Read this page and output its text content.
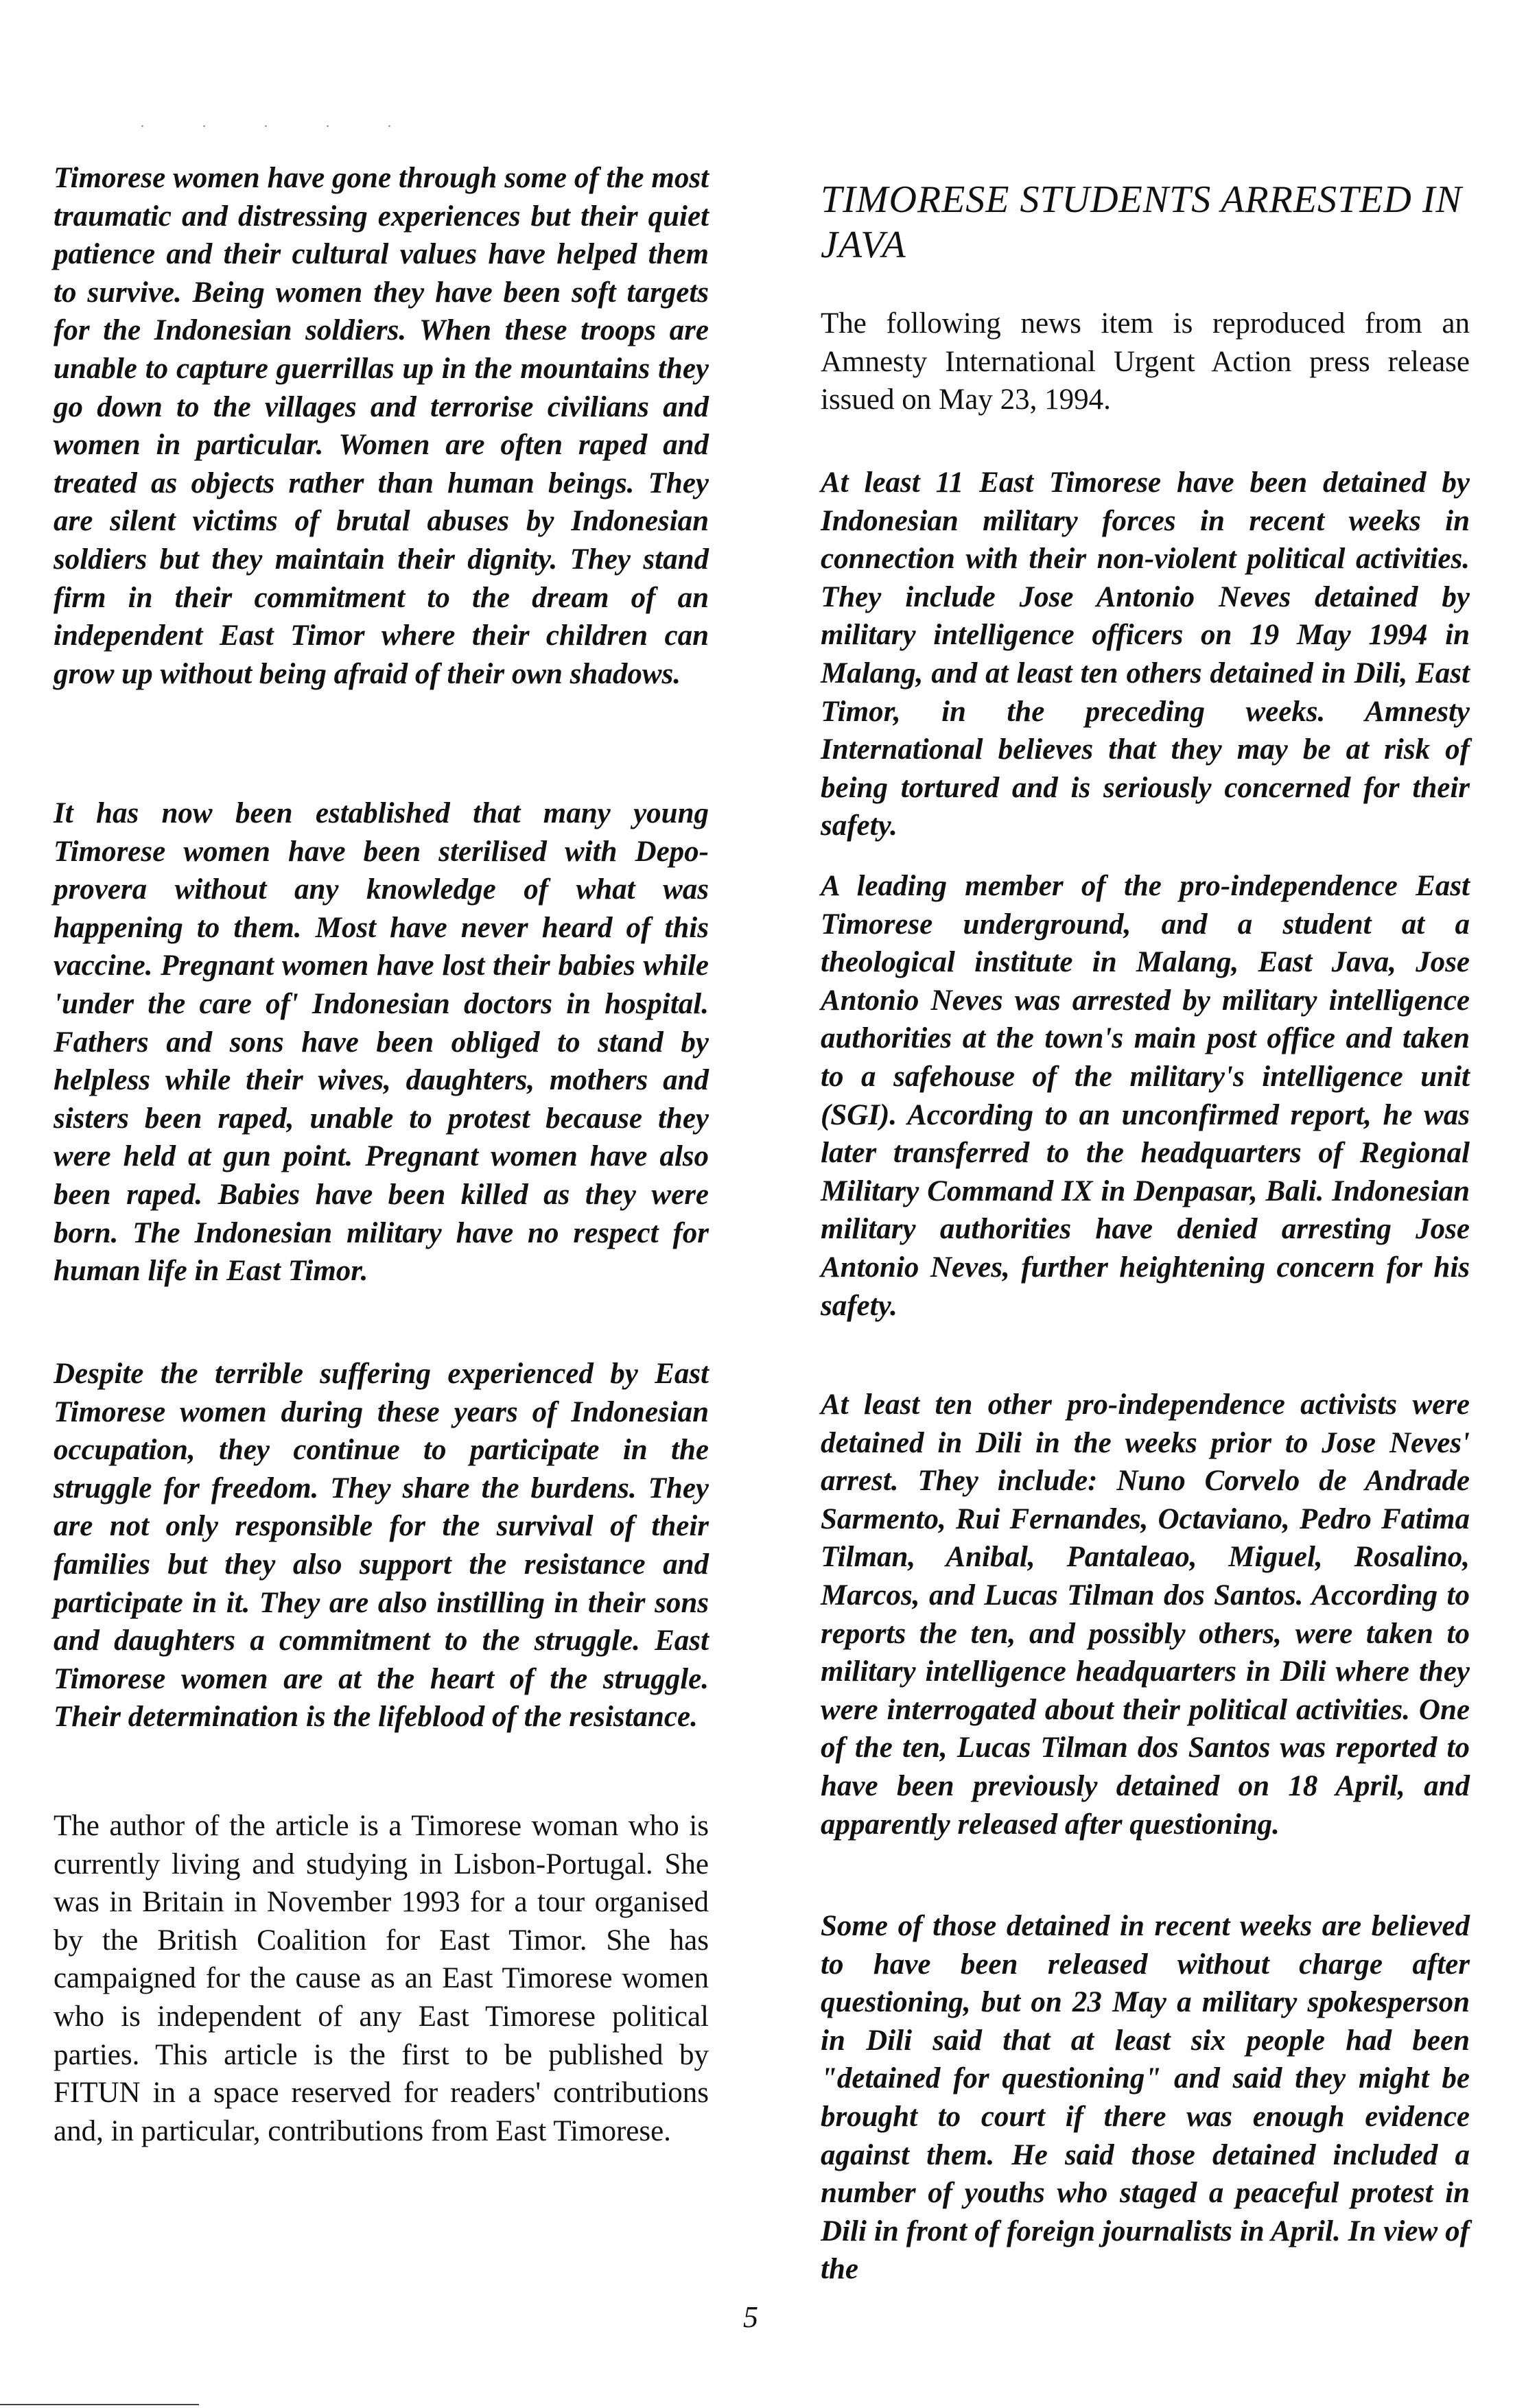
. . . . .

Timorese women have gone through some of the most traumatic and distressing experiences but their quiet patience and their cultural values have helped them to survive. Being women they have been soft targets for the Indonesian soldiers. When these troops are unable to capture guerrillas up in the mountains they go down to the villages and terrorise civilians and women in particular. Women are often raped and treated as objects rather than human beings. They are silent victims of brutal abuses by Indonesian soldiers but they maintain their dignity. They stand firm in their commitment to the dream of an independent East Timor where their children can grow up without being afraid of their own shadows.

It has now been established that many young Timorese women have been sterilised with Depo-provera without any knowledge of what was happening to them. Most have never heard of this vaccine. Pregnant women have lost their babies while 'under the care of' Indonesian doctors in hospital. Fathers and sons have been obliged to stand by helpless while their wives, daughters, mothers and sisters been raped, unable to protest because they were held at gun point. Pregnant women have also been raped. Babies have been killed as they were born. The Indonesian military have no respect for human life in East Timor.

Despite the terrible suffering experienced by East Timorese women during these years of Indonesian occupation, they continue to participate in the struggle for freedom. They share the burdens. They are not only responsible for the survival of their families but they also support the resistance and participate in it. They are also instilling in their sons and daughters a commitment to the struggle. East Timorese women are at the heart of the struggle. Their determination is the lifeblood of the resistance.

The author of the article is a Timorese woman who is currently living and studying in Lisbon-Portugal. She was in Britain in November 1993 for a tour organised by the British Coalition for East Timor. She has campaigned for the cause as an East Timorese women who is independent of any East Timorese political parties. This article is the first to be published by FITUN in a space reserved for readers' contributions and, in particular, contributions from East Timorese.

TIMORESE STUDENTS ARRESTED IN JAVA

The following news item is reproduced from an Amnesty International Urgent Action press release issued on May 23, 1994.

At least 11 East Timorese have been detained by Indonesian military forces in recent weeks in connection with their non-violent political activities. They include Jose Antonio Neves detained by military intelligence officers on 19 May 1994 in Malang, and at least ten others detained in Dili, East Timor, in the preceding weeks. Amnesty International believes that they may be at risk of being tortured and is seriously concerned for their safety.

A leading member of the pro-independence East Timorese underground, and a student at a theological institute in Malang, East Java, Jose Antonio Neves was arrested by military intelligence authorities at the town's main post office and taken to a safehouse of the military's intelligence unit (SGI). According to an unconfirmed report, he was later transferred to the headquarters of Regional Military Command IX in Denpasar, Bali. Indonesian military authorities have denied arresting Jose Antonio Neves, further heightening concern for his safety.

At least ten other pro-independence activists were detained in Dili in the weeks prior to Jose Neves' arrest. They include: Nuno Corvelo de Andrade Sarmento, Rui Fernandes, Octaviano, Pedro Fatima Tilman, Anibal, Pantaleao, Miguel, Rosalino, Marcos, and Lucas Tilman dos Santos. According to reports the ten, and possibly others, were taken to military intelligence headquarters in Dili where they were interrogated about their political activities. One of the ten, Lucas Tilman dos Santos was reported to have been previously detained on 18 April, and apparently released after questioning.

Some of those detained in recent weeks are believed to have been released without charge after questioning, but on 23 May a military spokesperson in Dili said that at least six people had been "detained for questioning" and said they might be brought to court if there was enough evidence against them. He said those detained included a number of youths who staged a peaceful protest in Dili in front of foreign journalists in April. In view of the

5
